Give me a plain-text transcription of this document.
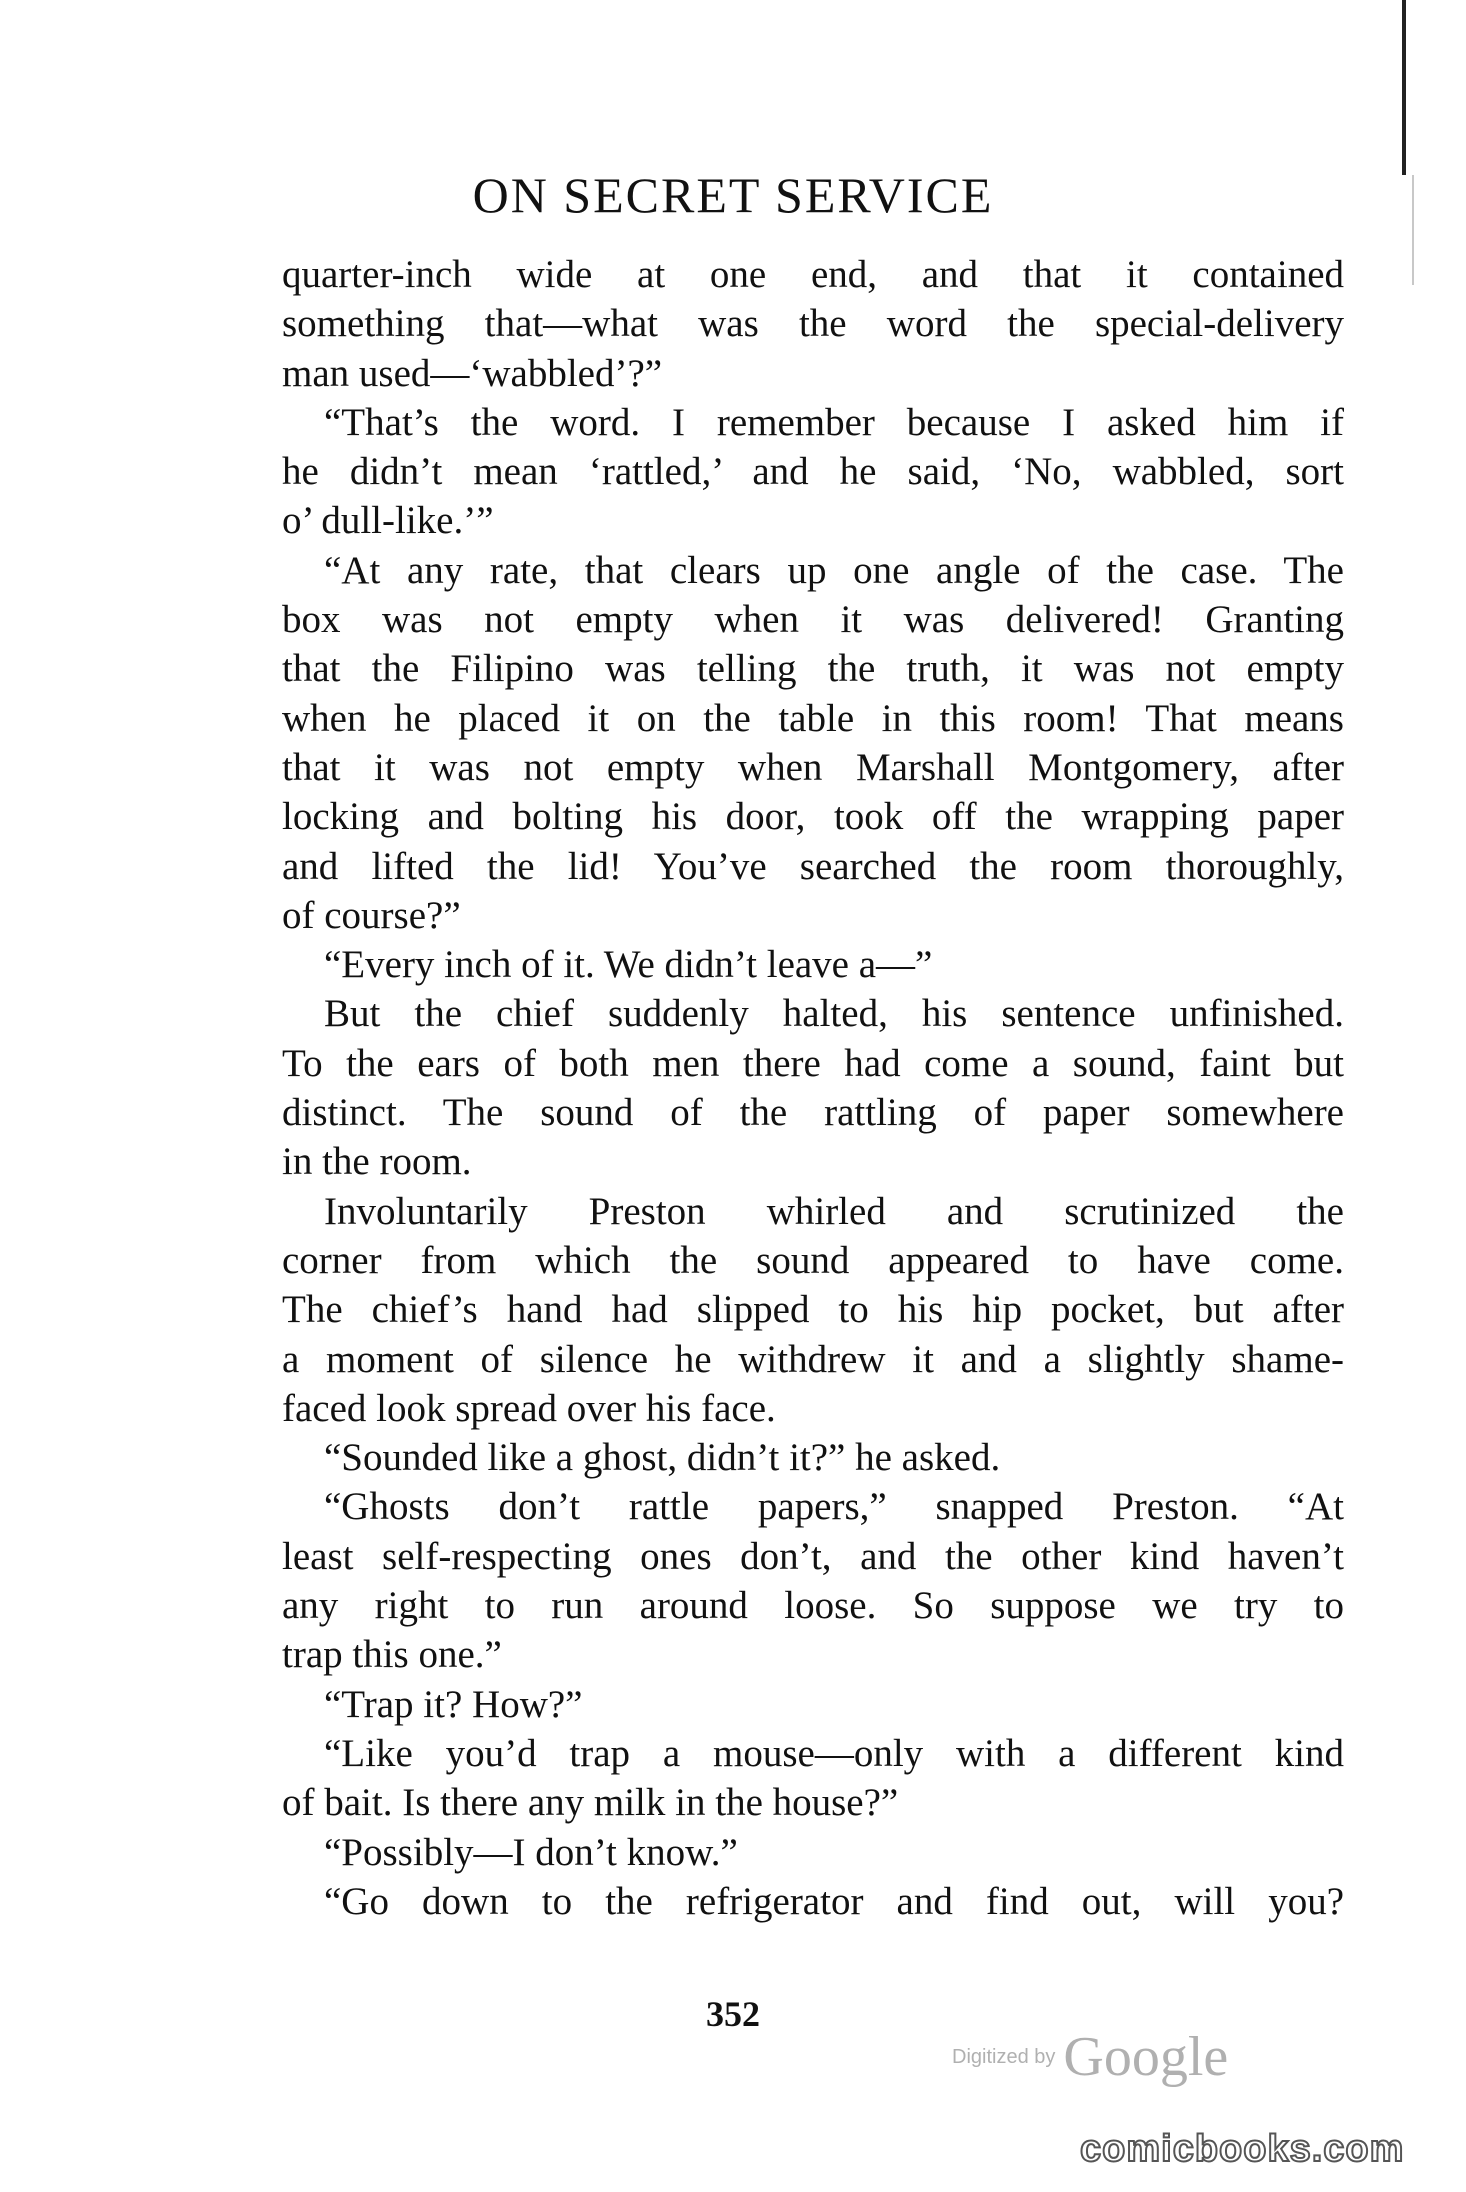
ON SECRET SERVICE
quarter-inch wide at one end, and that it contained
something that—what was the word the special-delivery
man used—‘wabbled’?”
“That’s the word. I remember because I asked him if
he didn’t mean ‘rattled,’ and he said, ‘No, wabbled, sort
o’ dull-like.’”
“At any rate, that clears up one angle of the case. The
box was not empty when it was delivered! Granting
that the Filipino was telling the truth, it was not empty
when he placed it on the table in this room! That means
that it was not empty when Marshall Montgomery, after
locking and bolting his door, took off the wrapping paper
and lifted the lid! You’ve searched the room thoroughly,
of course?”
“Every inch of it. We didn’t leave a—”
But the chief suddenly halted, his sentence unfinished.
To the ears of both men there had come a sound, faint but
distinct. The sound of the rattling of paper somewhere
in the room.
Involuntarily Preston whirled and scrutinized the
corner from which the sound appeared to have come.
The chief’s hand had slipped to his hip pocket, but after
a moment of silence he withdrew it and a slightly shame-
faced look spread over his face.
“Sounded like a ghost, didn’t it?” he asked.
“Ghosts don’t rattle papers,” snapped Preston. “At
least self-respecting ones don’t, and the other kind haven’t
any right to run around loose. So suppose we try to
trap this one.”
“Trap it? How?”
“Like you’d trap a mouse—only with a different kind
of bait. Is there any milk in the house?”
“Possibly—I don’t know.”
“Go down to the refrigerator and find out, will you?
352
Digitized by Google
comicbooks.com
